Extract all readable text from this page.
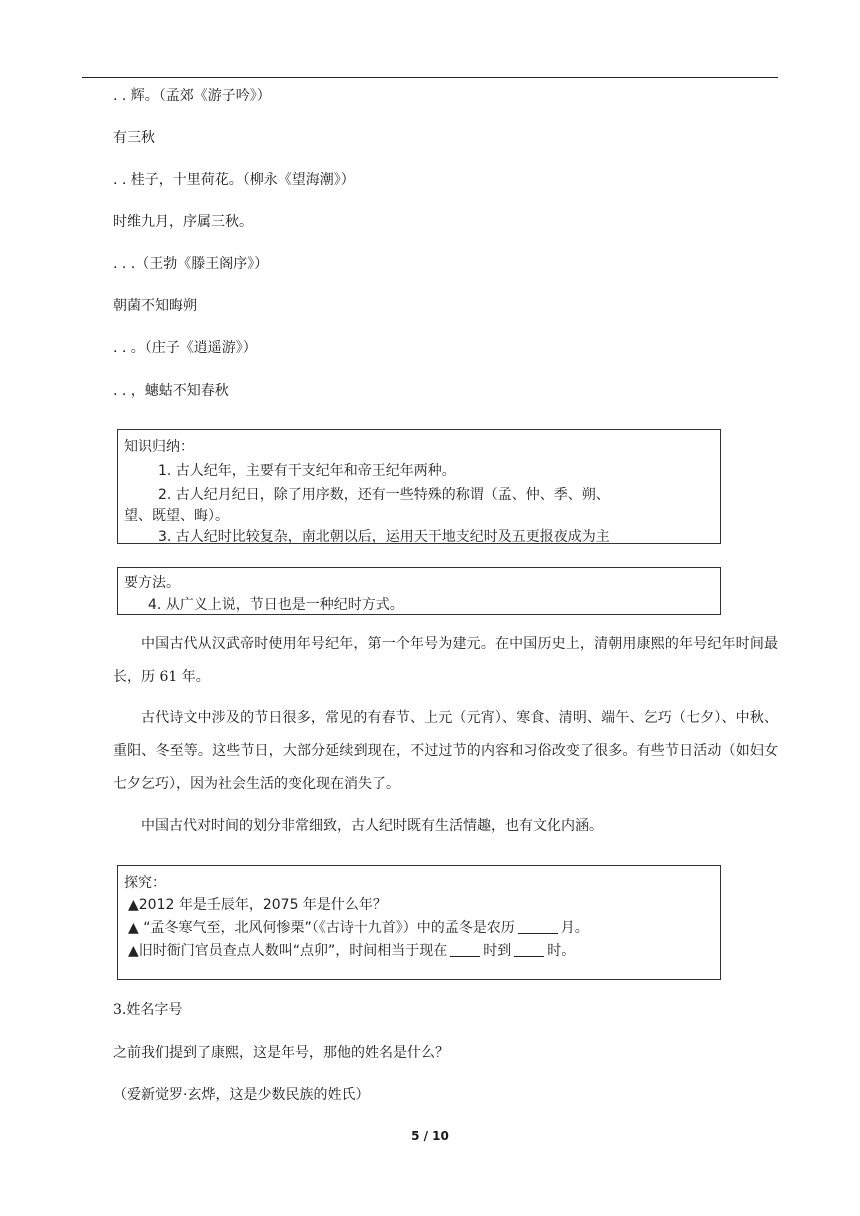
. . 辉。（孟郊《游子吟》）
有三秋
. . 桂子，十里荷花。（柳永《望海潮》）
时维九月，序属三秋。
. . .（王勃《滕王阁序》）
朝菌不知晦朔
. . 。（庄子《逍遥游》）
. . ，蟪蛄不知春秋
知识归纳：
1. 古人纪年，主要有干支纪年和帝王纪年两种。
2. 古人纪月纪日，除了用序数，还有一些特殊的称谓（孟、仲、季、朔、
望、既望、晦）。
3. 古人纪时比较复杂，南北朝以后，运用天干地支纪时及五更报夜成为主
要方法。
4. 从广义上说，节日也是一种纪时方式。
中国古代从汉武帝时使用年号纪年，第一个年号为建元。在中国历史上，清朝用康熙的年号纪年时间最长，历 61 年。
古代诗文中涉及的节日很多，常见的有春节、上元（元宵）、寒食、清明、端午、乞巧（七夕）、中秋、重阳、冬至等。这些节日，大部分延续到现在，不过过节的内容和习俗改变了很多。有些节日活动（如妇女七夕乞巧），因为社会生活的变化现在消失了。
中国古代对时间的划分非常细致，古人纪时既有生活情趣，也有文化内涵。
探究：
▲2012 年是壬辰年，2075 年是什么年？
▲ “孟冬寒气至，北风何惨栗”（《古诗十九首》）中的孟冬是农历	月。
▲旧时衙门官员查点人数叫“点卯”，时间相当于现在	时到	时。
3.姓名字号
之前我们提到了康熙，这是年号，那他的姓名是什么？
（爱新觉罗·玄烨，这是少数民族的姓氏）
5 / 10
